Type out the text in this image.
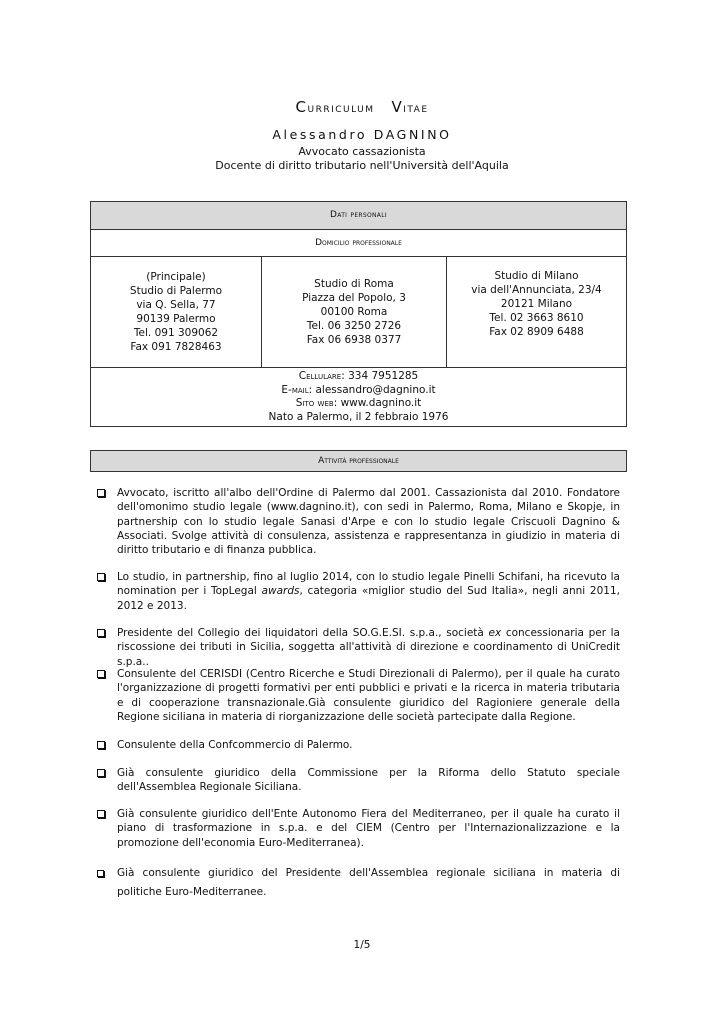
Curriculum Vitae
Alessandro DAGNINO
Avvocato cassazionista
Docente di diritto tributario nell'Università dell'Aquila
Dati personali
Domicilio professionale
(Principale)
Studio di Palermo
via Q. Sella, 77
90139 Palermo
Tel. 091 309062
Fax 091 7828463
Studio di Roma
Piazza del Popolo, 3
00100 Roma
Tel. 06 3250 2726
Fax 06 6938 0377
Studio di Milano
via dell'Annunciata, 23/4
20121 Milano
Tel. 02 3663 8610
Fax 02 8909 6488
Cellulare: 334 7951285
E-mail: alessandro@dagnino.it
Sito web: www.dagnino.it
Nato a Palermo, il 2 febbraio 1976
Attività professionale
Avvocato, iscritto all'albo dell'Ordine di Palermo dal 2001. Cassazionista dal 2010. Fondatore dell'omonimo studio legale (www.dagnino.it), con sedi in Palermo, Roma, Milano e Skopje, in partnership con lo studio legale Sanasi d'Arpe e con lo studio legale Criscuoli Dagnino & Associati. Svolge attività di consulenza, assistenza e rappresentanza in giudizio in materia di diritto tributario e di finanza pubblica.
Lo studio, in partnership, fino al luglio 2014, con lo studio legale Pinelli Schifani, ha ricevuto la nomination per i TopLegal awards, categoria «miglior studio del Sud Italia», negli anni 2011, 2012 e 2013.
Presidente del Collegio dei liquidatori della SO.G.E.SI. s.p.a., società ex concessionaria per la riscossione dei tributi in Sicilia, soggetta all'attività di direzione e coordinamento di UniCredit s.p.a..
Consulente del CERISDI (Centro Ricerche e Studi Direzionali di Palermo), per il quale ha curato l'organizzazione di progetti formativi per enti pubblici e privati e la ricerca in materia tributaria e di cooperazione transnazionale.Già consulente giuridico del Ragioniere generale della Regione siciliana in materia di riorganizzazione delle società partecipate dalla Regione.
Consulente della Confcommercio di Palermo.
Già consulente giuridico della Commissione per la Riforma dello Statuto speciale dell'Assemblea Regionale Siciliana.
Già consulente giuridico dell'Ente Autonomo Fiera del Mediterraneo, per il quale ha curato il piano di trasformazione in s.p.a. e del CIEM (Centro per l'Internazionalizzazione e la promozione dell'economia Euro-Mediterranea).
Già consulente giuridico del Presidente dell'Assemblea regionale siciliana in materia di politiche Euro-Mediterranee.
1/5
